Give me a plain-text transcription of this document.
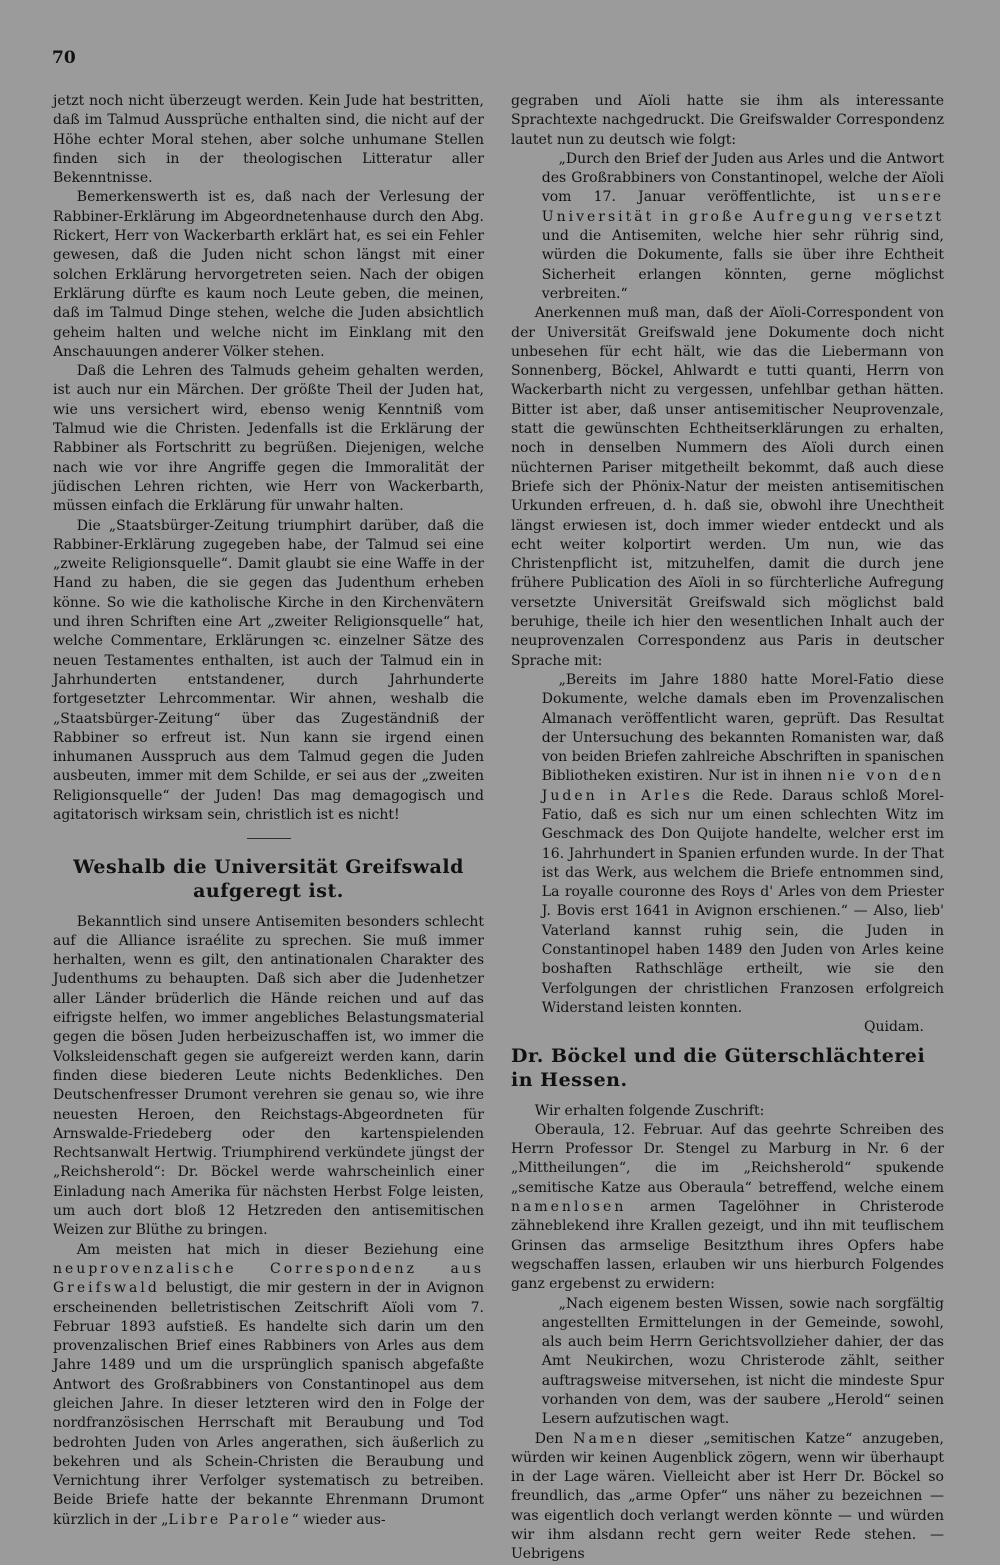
70

jetzt noch nicht überzeugt werden. Kein Jude hat bestritten, daß im Talmud Aussprüche enthalten sind, die nicht auf der Höhe echter Moral stehen, aber solche unhumane Stellen finden sich in der theologischen Litteratur aller Bekenntnisse.

Bemerkenswerth ist es, daß nach der Verlesung der Rabbiner-Erklärung im Abgeordnetenhause durch den Abg. Rickert, Herr von Wackerbarth erklärt hat, es sei ein Fehler gewesen, daß die Juden nicht schon längst mit einer solchen Erklärung hervorgetreten seien. Nach der obigen Erklärung dürfte es kaum noch Leute geben, die meinen, daß im Talmud Dinge stehen, welche die Juden absichtlich geheim halten und welche nicht im Einklang mit den Anschauungen anderer Völker stehen.

Daß die Lehren des Talmuds geheim gehalten werden, ist auch nur ein Märchen. Der größte Theil der Juden hat, wie uns versichert wird, ebenso wenig Kenntniß vom Talmud wie die Christen. Jedenfalls ist die Erklärung der Rabbiner als Fortschritt zu begrüßen. Diejenigen, welche nach wie vor ihre Angriffe gegen die Immoralität der jüdischen Lehren richten, wie Herr von Wackerbarth, müssen einfach die Erklärung für unwahr halten.

Die „Staatsbürger-Zeitung triumphirt darüber, daß die Rabbiner-Erklärung zugegeben habe, der Talmud sei eine „zweite Religionsquelle“. Damit glaubt sie eine Waffe in der Hand zu haben, die sie gegen das Judenthum erheben könne. So wie die katholische Kirche in den Kirchenvätern und ihren Schriften eine Art „zweiter Religionsquelle“ hat, welche Commentare, Erklärungen ꝛc. einzelner Sätze des neuen Testamentes enthalten, ist auch der Talmud ein in Jahrhunderten entstandener, durch Jahrhunderte fortgesetzter Lehrcommentar. Wir ahnen, weshalb die „Staatsbürger-Zeitung“ über das Zugeständniß der Rabbiner so erfreut ist. Nun kann sie irgend einen inhumanen Ausspruch aus dem Talmud gegen die Juden ausbeuten, immer mit dem Schilde, er sei aus der „zweiten Religionsquelle“ der Juden! Das mag demagogisch und agitatorisch wirksam sein, christlich ist es nicht!

————
Weshalb die Universität Greifswald aufgeregt ist.

Bekanntlich sind unsere Antisemiten besonders schlecht auf die Alliance israélite zu sprechen. Sie muß immer herhalten, wenn es gilt, den antinationalen Charakter des Judenthums zu behaupten. Daß sich aber die Judenhetzer aller Länder brüderlich die Hände reichen und auf das eifrigste helfen, wo immer angebliches Belastungsmaterial gegen die bösen Juden herbeizuschaffen ist, wo immer die Volksleidenschaft gegen sie aufgereizt werden kann, darin finden diese biederen Leute nichts Bedenkliches. Den Deutschenfresser Drumont verehren sie genau so, wie ihre neuesten Heroen, den Reichstags-Abgeordneten für Arnswalde-Friedeberg oder den kartenspielenden Rechtsanwalt Hertwig. Triumphirend verkündete jüngst der „Reichsherold“: Dr. Böckel werde wahrscheinlich einer Einladung nach Amerika für nächsten Herbst Folge leisten, um auch dort bloß 12 Hetzreden den antisemitischen Weizen zur Blüthe zu bringen.

Am meisten hat mich in dieser Beziehung eine neuprovenzalische Correspondenz aus Greifswald belustigt, die mir gestern in der in Avignon erscheinenden belletristischen Zeitschrift Aïoli vom 7. Februar 1893 aufstieß. Es handelte sich darin um den provenzalischen Brief eines Rabbiners von Arles aus dem Jahre 1489 und um die ursprünglich spanisch abgefaßte Antwort des Großrabbiners von Constantinopel aus dem gleichen Jahre. In dieser letzteren wird den in Folge der nordfranzösischen Herrschaft mit Beraubung und Tod bedrohten Juden von Arles angerathen, sich äußerlich zu bekehren und als Schein-Christen die Beraubung und Vernichtung ihrer Verfolger systematisch zu betreiben. Beide Briefe hatte der bekannte Ehrenmann Drumont kürzlich in der „Libre Parole“ wieder aus-

gegraben und Aïoli hatte sie ihm als interessante Sprachtexte nachgedruckt. Die Greifswalder Correspondenz lautet nun zu deutsch wie folgt:

„Durch den Brief der Juden aus Arles und die Antwort des Großrabbiners von Constantinopel, welche der Aïoli vom 17. Januar veröffentlichte, ist unsere Universität in große Aufregung versetzt und die Antisemiten, welche hier sehr rührig sind, würden die Dokumente, falls sie über ihre Echtheit Sicherheit erlangen könnten, gerne möglichst verbreiten.“

Anerkennen muß man, daß der Aïoli-Correspondent von der Universität Greifswald jene Dokumente doch nicht unbesehen für echt hält, wie das die Liebermann von Sonnenberg, Böckel, Ahlwardt e tutti quanti, Herrn von Wackerbarth nicht zu vergessen, unfehlbar gethan hätten. Bitter ist aber, daß unser antisemitischer Neuprovenzale, statt die gewünschten Echtheitserklärungen zu erhalten, noch in denselben Nummern des Aïoli durch einen nüchternen Pariser mitgetheilt bekommt, daß auch diese Briefe sich der Phönix-Natur der meisten antisemitischen Urkunden erfreuen, d. h. daß sie, obwohl ihre Unechtheit längst erwiesen ist, doch immer wieder entdeckt und als echt weiter kolportirt werden. Um nun, wie das Christenpflicht ist, mitzuhelfen, damit die durch jene frühere Publication des Aïoli in so fürchterliche Aufregung versetzte Universität Greifswald sich möglichst bald beruhige, theile ich hier den wesentlichen Inhalt auch der neuprovenzalen Correspondenz aus Paris in deutscher Sprache mit:

„Bereits im Jahre 1880 hatte Morel-Fatio diese Dokumente, welche damals eben im Provenzalischen Almanach veröffentlicht waren, geprüft. Das Resultat der Untersuchung des bekannten Romanisten war, daß von beiden Briefen zahlreiche Abschriften in spanischen Bibliotheken existiren. Nur ist in ihnen nie von den Juden in Arles die Rede. Daraus schloß Morel-Fatio, daß es sich nur um einen schlechten Witz im Geschmack des Don Quijote handelte, welcher erst im 16. Jahrhundert in Spanien erfunden wurde. In der That ist das Werk, aus welchem die Briefe entnommen sind, La royalle couronne des Roys d' Arles von dem Priester J. Bovis erst 1641 in Avignon erschienen.“ — Also, lieb' Vaterland kannst ruhig sein, die Juden in Constantinopel haben 1489 den Juden von Arles keine boshaften Rathschläge ertheilt, wie sie den Verfolgungen der christlichen Franzosen erfolgreich Widerstand leisten konnten.

Quidam.

Dr. Böckel und die Güterschlächterei in Hessen.

Wir erhalten folgende Zuschrift:

Oberaula, 12. Februar. Auf das geehrte Schreiben des Herrn Professor Dr. Stengel zu Marburg in Nr. 6 der „Mittheilungen“, die im „Reichsherold“ spukende „semitische Katze aus Oberaula“ betreffend, welche einem namenlosen armen Tagelöhner in Christerode zähneblekend ihre Krallen gezeigt, und ihn mit teuflischem Grinsen das armselige Besitzthum ihres Opfers habe wegschaffen lassen, erlauben wir uns hierburch Folgendes ganz ergebenst zu erwidern:

„Nach eigenem besten Wissen, sowie nach sorgfältig angestellten Ermittelungen in der Gemeinde, sowohl, als auch beim Herrn Gerichtsvollzieher dahier, der das Amt Neukirchen, wozu Christerode zählt, seither auftragsweise mitversehen, ist nicht die mindeste Spur vorhanden von dem, was der saubere „Herold“ seinen Lesern aufzutischen wagt.

Den Namen dieser „semitischen Katze“ anzugeben, würden wir keinen Augenblick zögern, wenn wir überhaupt in der Lage wären. Vielleicht aber ist Herr Dr. Böckel so freundlich, das „arme Opfer“ uns näher zu bezeichnen — was eigentlich doch verlangt werden könnte — und würden wir ihm alsdann recht gern weiter Rede stehen. — Uebrigens
